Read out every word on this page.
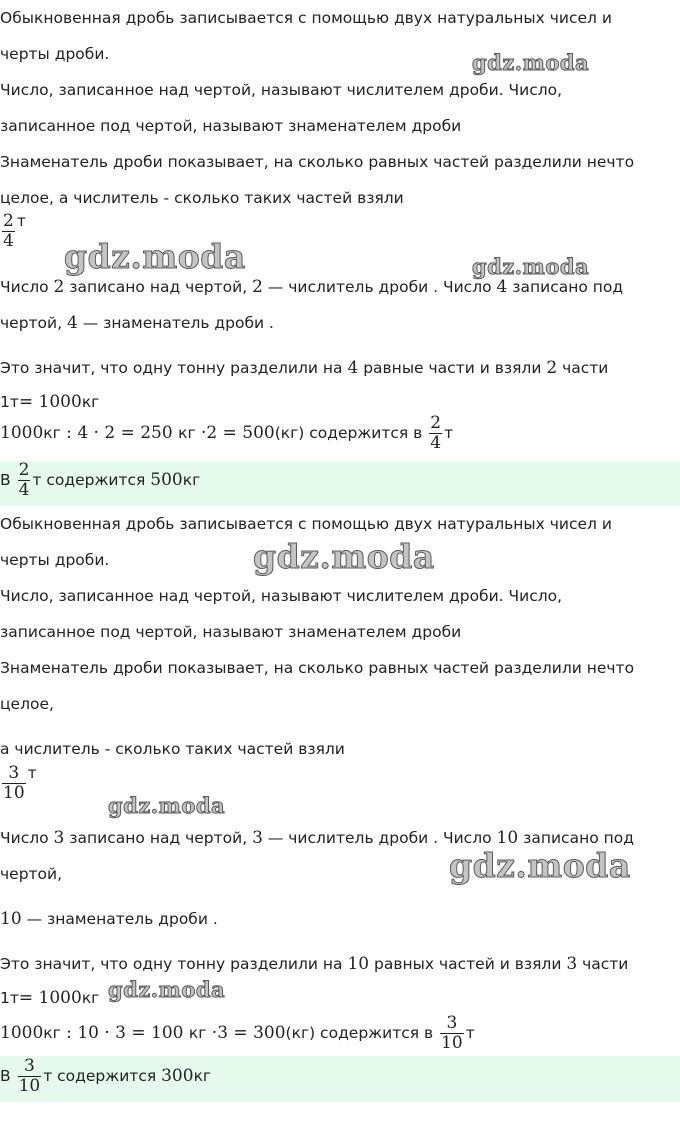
Обыкновенная дробь записывается с помощью двух натуральных чисел и
черты дроби.
Число, записанное над чертой, называют числителем дроби. Число,
записанное под чертой, называют знаменателем дроби
Знаменатель дроби показывает, на сколько равных частей разделили нечто
целое, а числитель - сколько таких частей взяли
$\frac{2}{4}$ т
Число 2 записано над чертой, 2 — числитель дроби . Число 4 записано под
чертой, 4 — знаменатель дроби .
Это значит, что одну тонну разделили на 4 равные части и взяли 2 части
1т= 1000кг
1000кг : 4 · 2 = 250 кг ·2 = 500(кг) содержится в $\frac{2}{4}$ т
В $\frac{2}{4}$ т содержится 500кг
Обыкновенная дробь записывается с помощью двух натуральных чисел и
черты дроби.
Число, записанное над чертой, называют числителем дроби. Число,
записанное под чертой, называют знаменателем дроби
Знаменатель дроби показывает, на сколько равных частей разделили нечто
целое,
а числитель - сколько таких частей взяли
$\frac{3}{10}$ т
Число 3 записано над чертой, 3 — числитель дроби . Число 10 записано под
чертой,
10 — знаменатель дроби .
Это значит, что одну тонну разделили на 10 равных частей и взяли 3 части
1т= 1000кг
1000кг : 10 · 3 = 100 кг ·3 = 300(кг) содержится в $\frac{3}{10}$ т
В $\frac{3}{10}$ т содержится 300кг
gdz.moda
gdz.moda	gdz.moda
gdz.moda
gdz.moda
gdz.moda
gdz.moda
